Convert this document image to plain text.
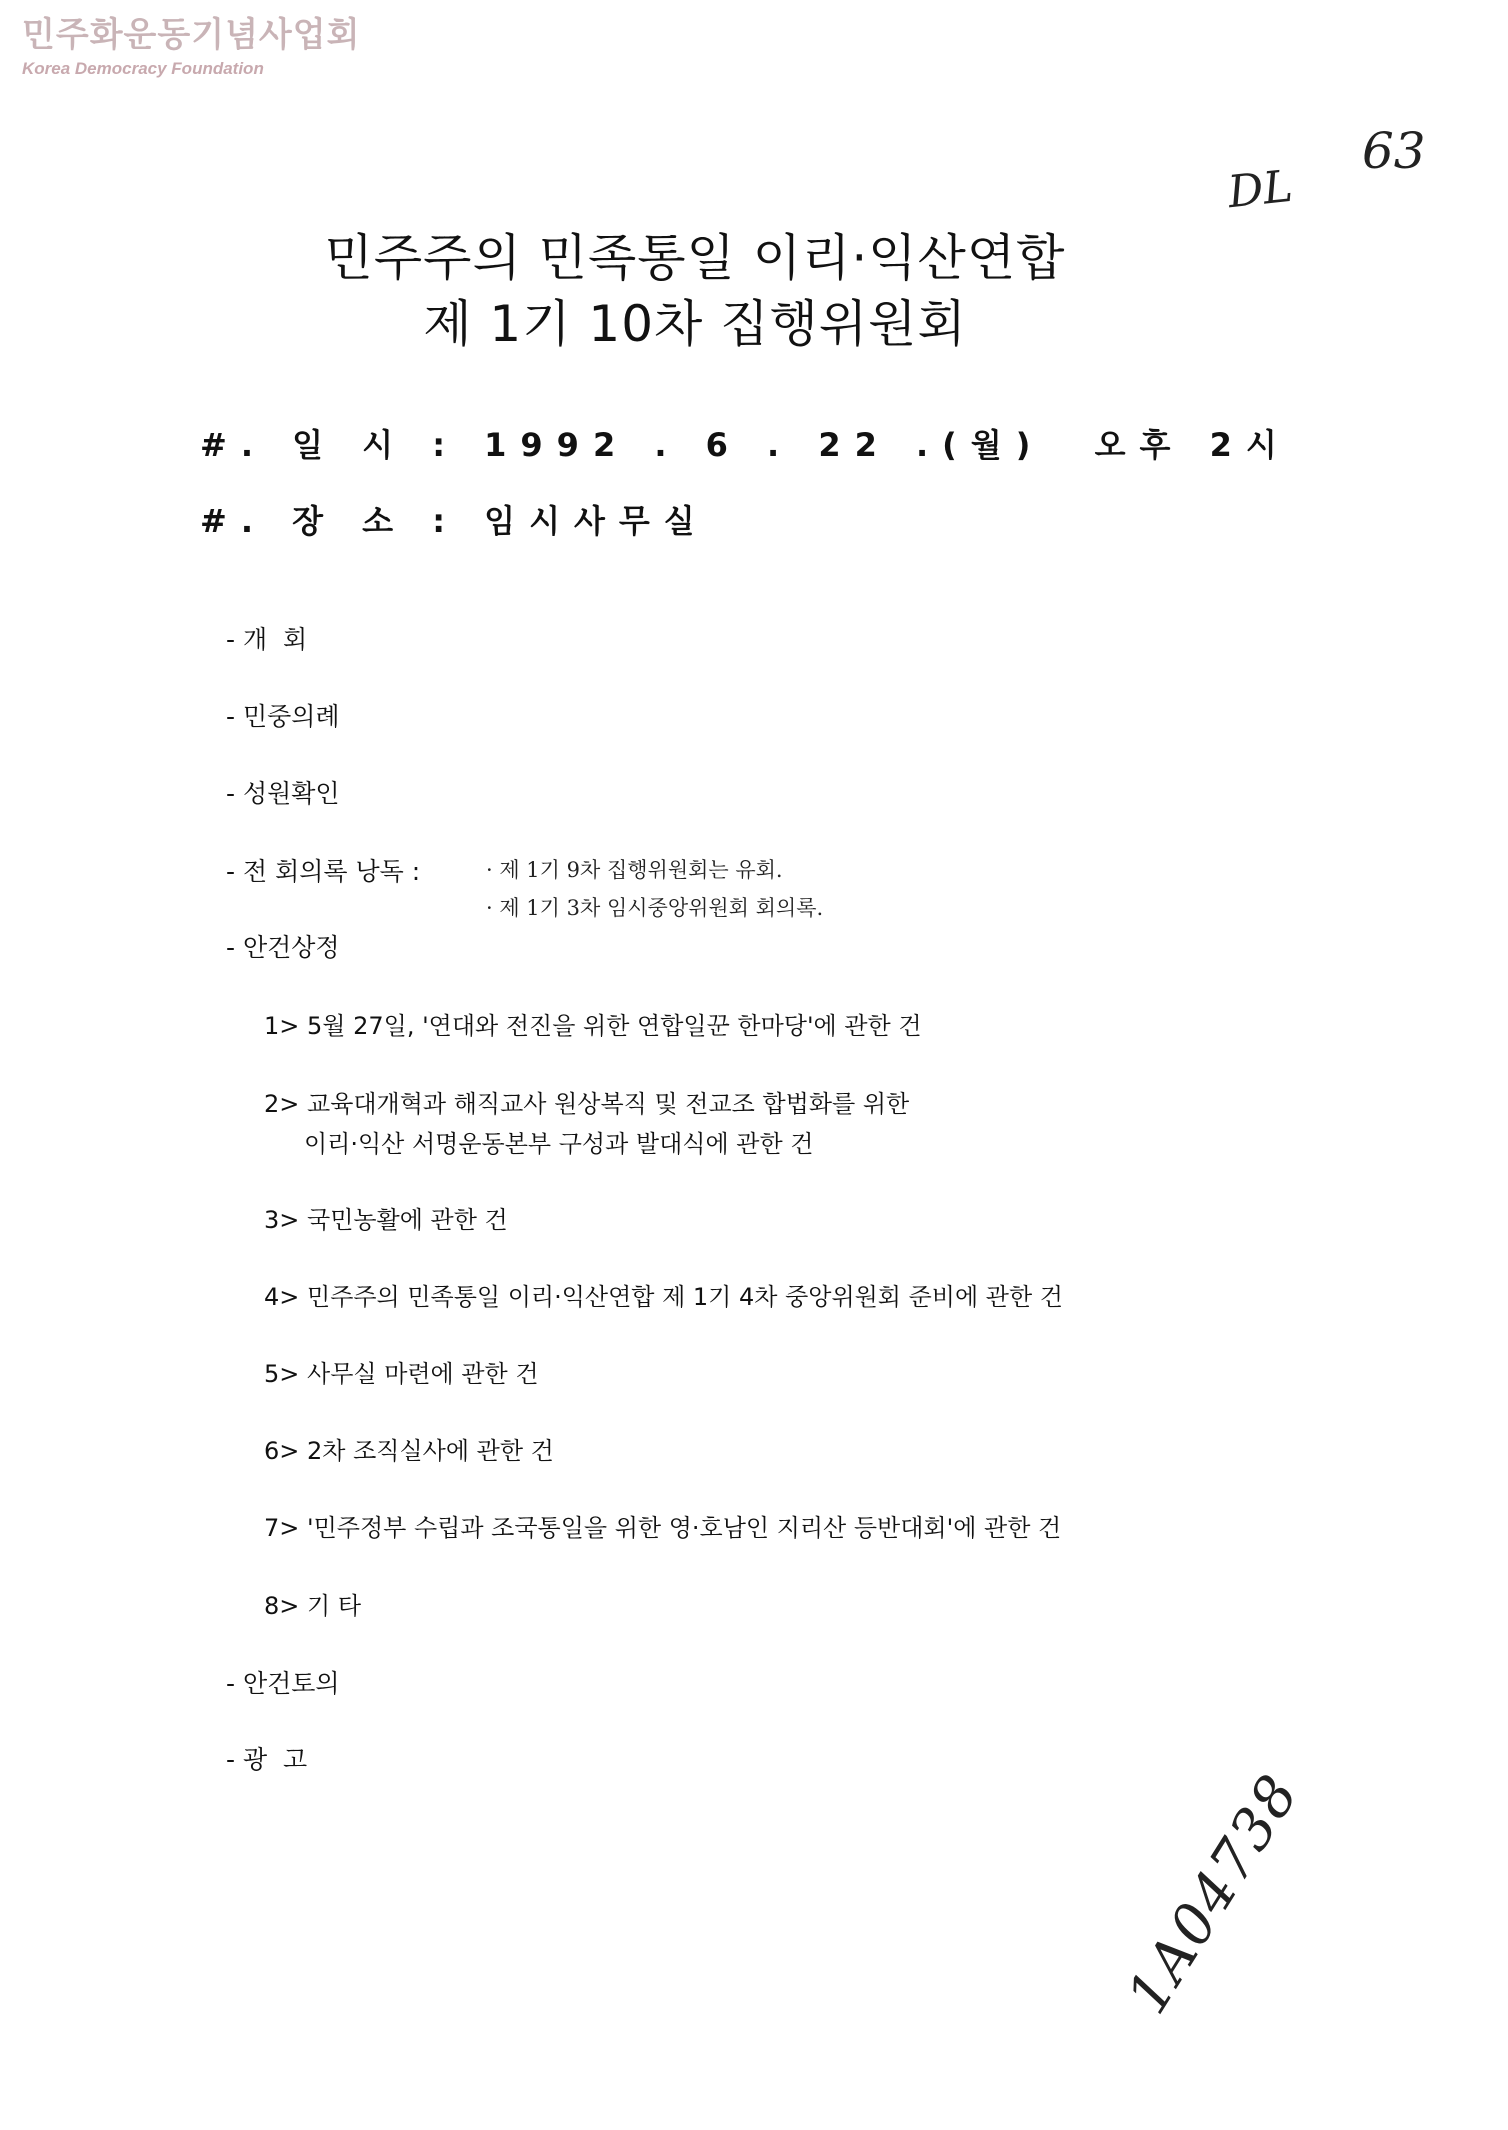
민주화운동기념사업회
Korea Democracy Foundation
DL
63
1A04738
민주주의 민족통일 이리·익산연합
제 1기 10차 집행위원회
#. 일 시 : 1992 . 6 . 22 .(월)  오후 2시
#. 장 소 : 임시사무실
- 개  회
- 민중의례
- 성원확인
- 전 회의록 낭독 :	· 제 1기 9차 집행위원회는 유회.
· 제 1기 3차 임시중앙위원회 회의록.
- 안건상정
1> 5월 27일, '연대와 전진을 위한 연합일꾼 한마당'에 관한 건
2> 교육대개혁과 해직교사 원상복직 및 전교조 합법화를 위한
이리·익산 서명운동본부 구성과 발대식에 관한 건
3> 국민농활에 관한 건
4> 민주주의 민족통일 이리·익산연합 제 1기 4차 중앙위원회 준비에 관한 건
5> 사무실 마련에 관한 건
6> 2차 조직실사에 관한 건
7> '민주정부 수립과 조국통일을 위한 영·호남인 지리산 등반대회'에 관한 건
8> 기 타
- 안건토의
- 광  고
